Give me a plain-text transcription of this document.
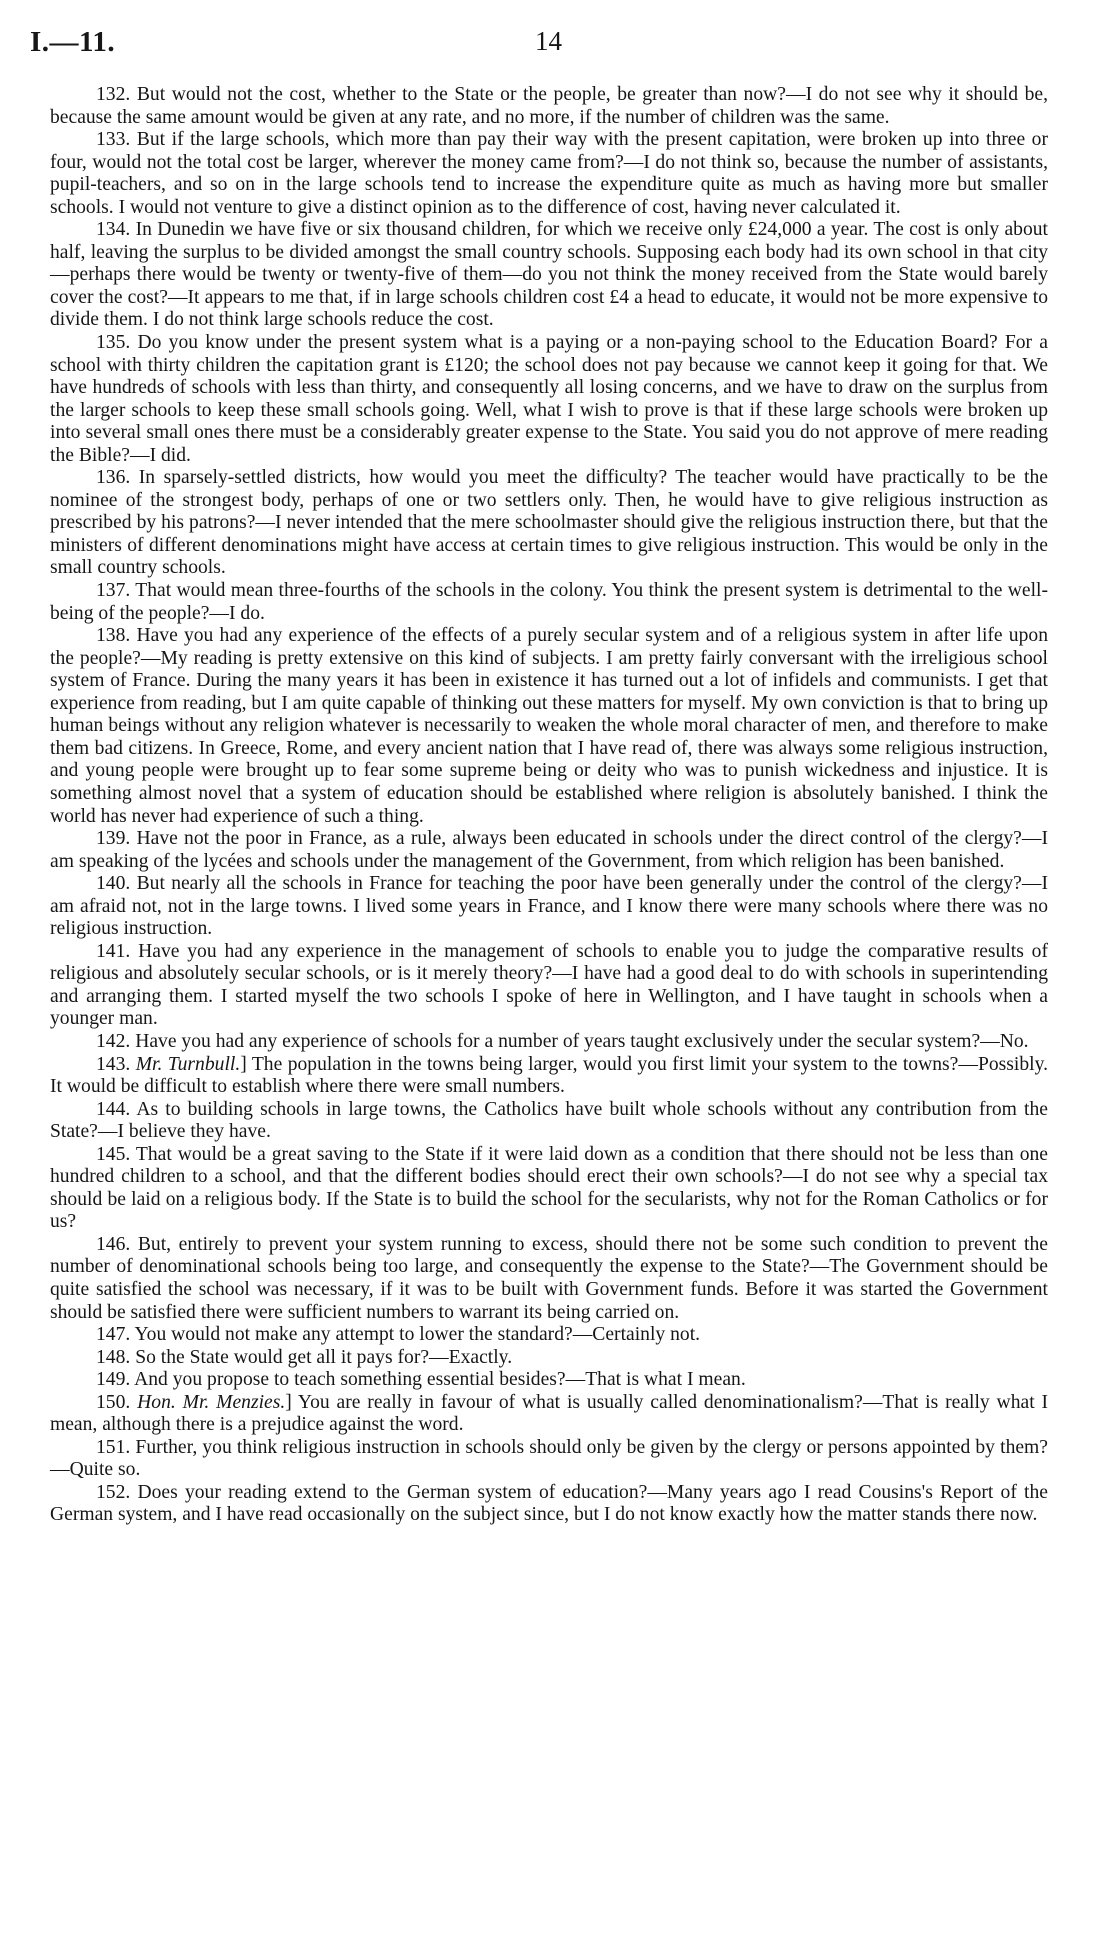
I.—11.	14

132. But would not the cost, whether to the State or the people, be greater than now?—I do not see why it should be, because the same amount would be given at any rate, and no more, if the number of children was the same.

133. But if the large schools, which more than pay their way with the present capitation, were broken up into three or four, would not the total cost be larger, wherever the money came from?—I do not think so, because the number of assistants, pupil-teachers, and so on in the large schools tend to increase the expenditure quite as much as having more but smaller schools. I would not venture to give a distinct opinion as to the difference of cost, having never calculated it.

134. In Dunedin we have five or six thousand children, for which we receive only £24,000 a year. The cost is only about half, leaving the surplus to be divided amongst the small country schools. Supposing each body had its own school in that city—perhaps there would be twenty or twenty-five of them—do you not think the money received from the State would barely cover the cost?—It appears to me that, if in large schools children cost £4 a head to educate, it would not be more expensive to divide them. I do not think large schools reduce the cost.

135. Do you know under the present system what is a paying or a non-paying school to the Education Board? For a school with thirty children the capitation grant is £120; the school does not pay because we cannot keep it going for that. We have hundreds of schools with less than thirty, and consequently all losing concerns, and we have to draw on the surplus from the larger schools to keep these small schools going. Well, what I wish to prove is that if these large schools were broken up into several small ones there must be a considerably greater expense to the State. You said you do not approve of mere reading the Bible?—I did.

136. In sparsely-settled districts, how would you meet the difficulty? The teacher would have practically to be the nominee of the strongest body, perhaps of one or two settlers only. Then, he would have to give religious instruction as prescribed by his patrons?—I never intended that the mere schoolmaster should give the religious instruction there, but that the ministers of different denominations might have access at certain times to give religious instruction. This would be only in the small country schools.

137. That would mean three-fourths of the schools in the colony. You think the present system is detrimental to the well-being of the people?—I do.

138. Have you had any experience of the effects of a purely secular system and of a religious system in after life upon the people?—My reading is pretty extensive on this kind of subjects. I am pretty fairly conversant with the irreligious school system of France. During the many years it has been in existence it has turned out a lot of infidels and communists. I get that experience from reading, but I am quite capable of thinking out these matters for myself. My own conviction is that to bring up human beings without any religion whatever is necessarily to weaken the whole moral character of men, and therefore to make them bad citizens. In Greece, Rome, and every ancient nation that I have read of, there was always some religious instruction, and young people were brought up to fear some supreme being or deity who was to punish wickedness and injustice. It is something almost novel that a system of education should be established where religion is absolutely banished. I think the world has never had experience of such a thing.

139. Have not the poor in France, as a rule, always been educated in schools under the direct control of the clergy?—I am speaking of the lycées and schools under the management of the Government, from which religion has been banished.

140. But nearly all the schools in France for teaching the poor have been generally under the control of the clergy?—I am afraid not, not in the large towns. I lived some years in France, and I know there were many schools where there was no religious instruction.

141. Have you had any experience in the management of schools to enable you to judge the comparative results of religious and absolutely secular schools, or is it merely theory?—I have had a good deal to do with schools in superintending and arranging them. I started myself the two schools I spoke of here in Wellington, and I have taught in schools when a younger man.

142. Have you had any experience of schools for a number of years taught exclusively under the secular system?—No.

143. Mr. Turnbull.] The population in the towns being larger, would you first limit your system to the towns?—Possibly. It would be difficult to establish where there were small numbers.

144. As to building schools in large towns, the Catholics have built whole schools without any contribution from the State?—I believe they have.

145. That would be a great saving to the State if it were laid down as a condition that there should not be less than one hundred children to a school, and that the different bodies should erect their own schools?—I do not see why a special tax should be laid on a religious body. If the State is to build the school for the secularists, why not for the Roman Catholics or for us?

146. But, entirely to prevent your system running to excess, should there not be some such condition to prevent the number of denominational schools being too large, and consequently the expense to the State?—The Government should be quite satisfied the school was necessary, if it was to be built with Government funds. Before it was started the Government should be satisfied there were sufficient numbers to warrant its being carried on.

147. You would not make any attempt to lower the standard?—Certainly not.

148. So the State would get all it pays for?—Exactly.

149. And you propose to teach something essential besides?—That is what I mean.

150. Hon. Mr. Menzies.] You are really in favour of what is usually called denominationalism?—That is really what I mean, although there is a prejudice against the word.

151. Further, you think religious instruction in schools should only be given by the clergy or persons appointed by them?—Quite so.

152. Does your reading extend to the German system of education?—Many years ago I read Cousins's Report of the German system, and I have read occasionally on the subject since, but I do not know exactly how the matter stands there now.
